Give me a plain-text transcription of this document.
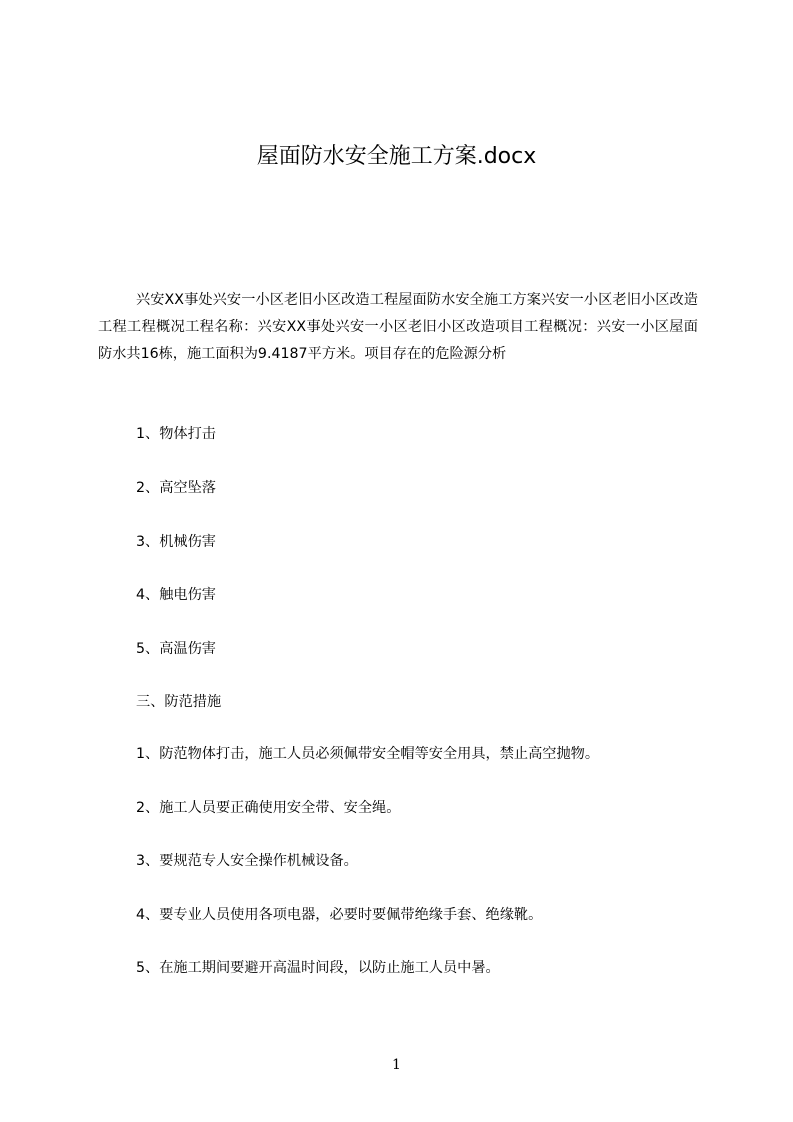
屋面防水安全施工方案.docx

兴安XX事处兴安一小区老旧小区改造工程屋面防水安全施工方案兴安一小区老旧小区改造工程工程概况工程名称：兴安XX事处兴安一小区老旧小区改造项目工程概况：兴安一小区屋面防水共16栋，施工面积为9.4187平方米。项目存在的危险源分析

1、物体打击

2、高空坠落

3、机械伤害

4、触电伤害

5、高温伤害

三、防范措施

1、防范物体打击，施工人员必须佩带安全帽等安全用具，禁止高空抛物。

2、施工人员要正确使用安全带、安全绳。

3、要规范专人安全操作机械设备。

4、要专业人员使用各项电器，必要时要佩带绝缘手套、绝缘靴。

5、在施工期间要避开高温时间段，以防止施工人员中暑。

1
